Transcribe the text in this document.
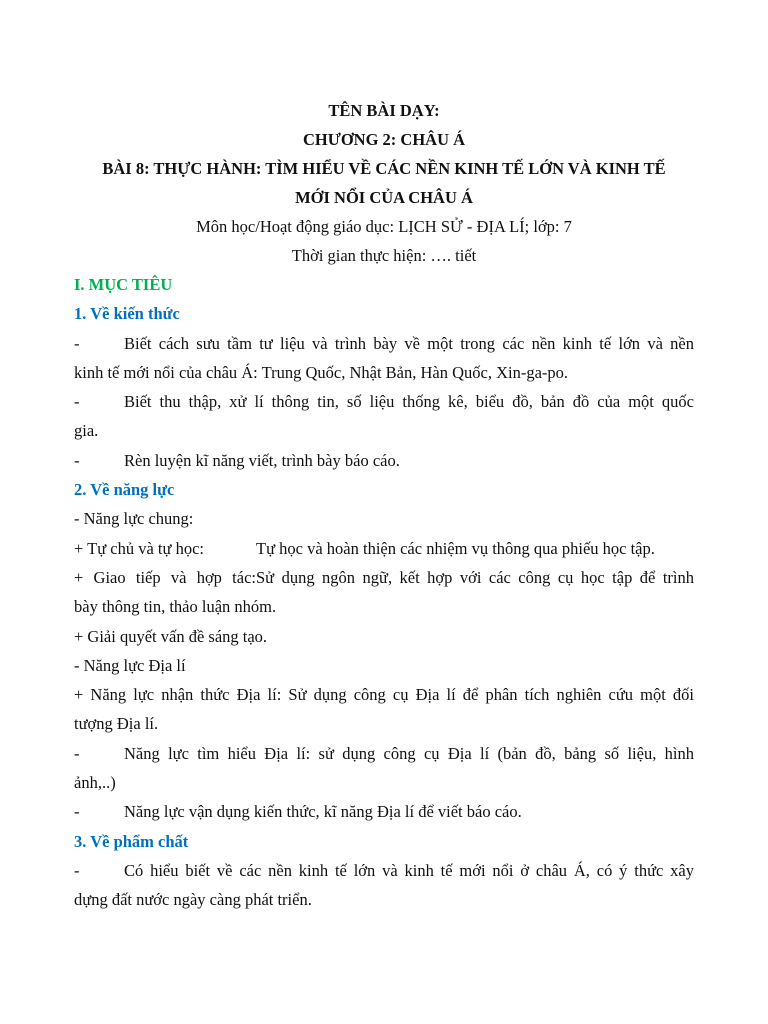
TÊN BÀI DẠY:
CHƯƠNG 2: CHÂU Á
BÀI 8: THỰC HÀNH: TÌM HIỂU VỀ CÁC NỀN KINH TẾ LỚN VÀ KINH TẾ
MỚI NỔI CỦA CHÂU Á
Môn học/Hoạt động giáo dục: LỊCH SỬ - ĐỊA LÍ; lớp: 7
Thời gian thực hiện: …. tiết
I. MỤC TIÊU
1. Về kiến thức
-	Biết cách sưu tầm tư liệu và trình bày về một trong các nền kinh tế lớn và nền
kinh tế mới nổi của châu Á: Trung Quốc, Nhật Bản, Hàn Quốc, Xin-ga-po.
-	Biết thu thập, xử lí thông tin, số liệu thống kê, biểu đồ, bản đồ của một quốc
gia.
-	Rèn luyện kĩ năng viết, trình bày báo cáo.
2. Về năng lực
- Năng lực chung:
+ Tự chủ và tự học:	Tự học và hoàn thiện các nhiệm vụ thông qua phiếu học tập.
+ Giao tiếp và hợp tác:Sử dụng ngôn ngữ, kết hợp với các công cụ học tập để trình
bày thông tin, thảo luận nhóm.
+ Giải quyết vấn đề sáng tạo.
- Năng lực Địa lí
+ Năng lực nhận thức Địa lí: Sử dụng công cụ Địa lí để phân tích nghiên cứu một đối
tượng Địa lí.
-	Năng lực tìm hiểu Địa lí: sử dụng công cụ Địa lí (bản đồ, bảng số liệu, hình
ảnh,..)
-	Năng lực vận dụng kiến thức, kĩ năng Địa lí để viết báo cáo.
3. Về phẩm chất
-	Có hiểu biết về các nền kinh tế lớn và kinh tế mới nổi ở châu Á, có ý thức xây
dựng đất nước ngày càng phát triển.
